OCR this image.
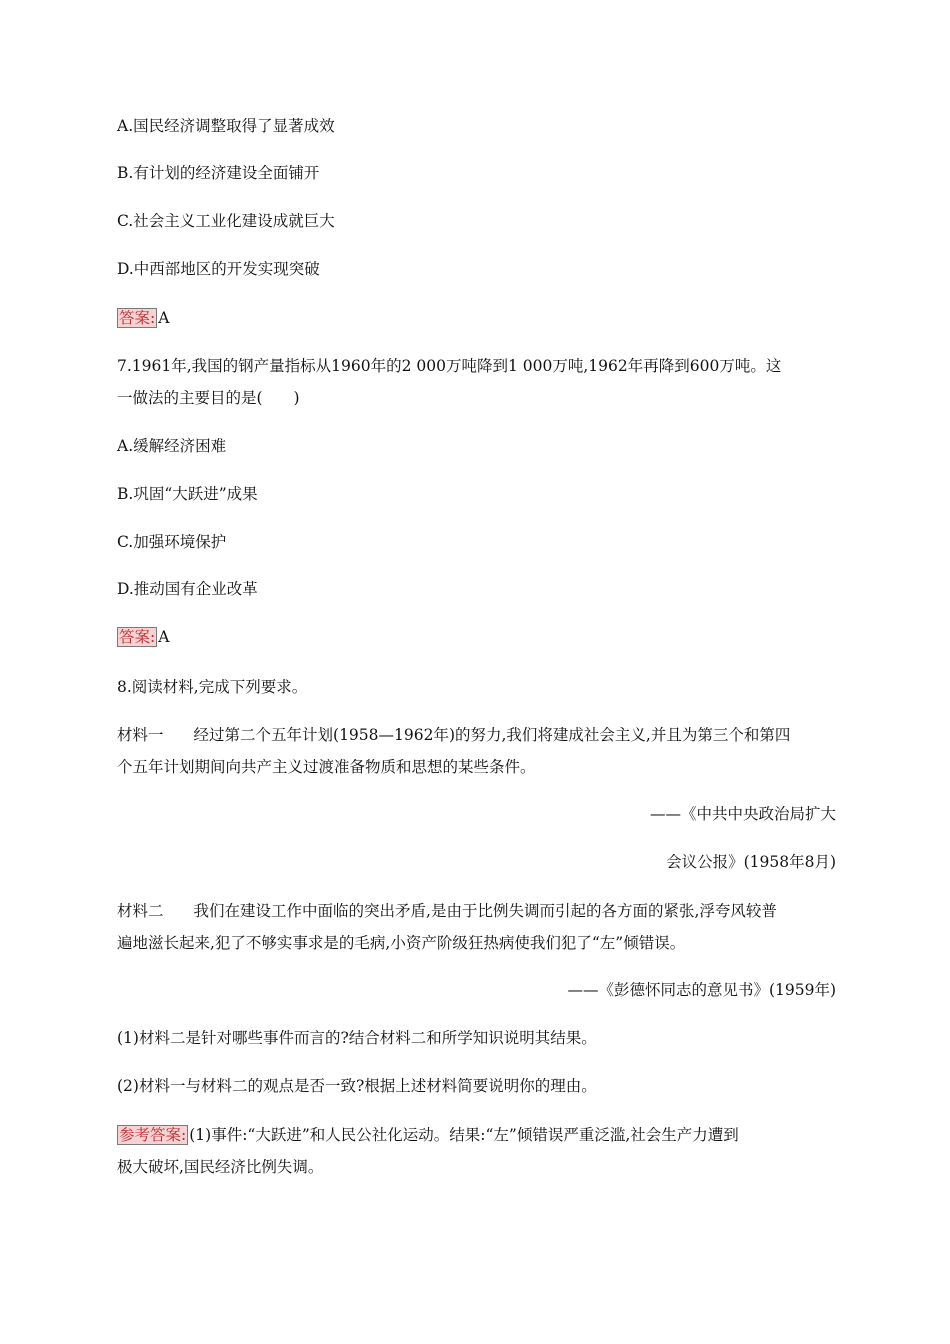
A.国民经济调整取得了显著成效
B.有计划的经济建设全面铺开
C.社会主义工业化建设成就巨大
D.中西部地区的开发实现突破
答案: A
7.1961年,我国的钢产量指标从1960年的2 000万吨降到1 000万吨,1962年再降到600万吨。这
一做法的主要目的是(　　)
A.缓解经济困难
B.巩固“大跃进”成果
C.加强环境保护
D.推动国有企业改革
答案: A
8.阅读材料,完成下列要求。
材料一 经过第二个五年计划(1958—1962年)的努力,我们将建成社会主义,并且为第三个和第四
个五年计划期间向共产主义过渡准备物质和思想的某些条件。
——《中共中央政治局扩大
会议公报》(1958年8月)
材料二 我们在建设工作中面临的突出矛盾,是由于比例失调而引起的各方面的紧张,浮夸风较普
遍地滋长起来,犯了不够实事求是的毛病,小资产阶级狂热病使我们犯了“左”倾错误。
——《彭德怀同志的意见书》(1959年)
(1)材料二是针对哪些事件而言的?结合材料二和所学知识说明其结果。
(2)材料一与材料二的观点是否一致?根据上述材料简要说明你的理由。
参考答案: (1)事件:“大跃进”和人民公社化运动。结果:“左”倾错误严重泛滥,社会生产力遭到
极大破坏,国民经济比例失调。
